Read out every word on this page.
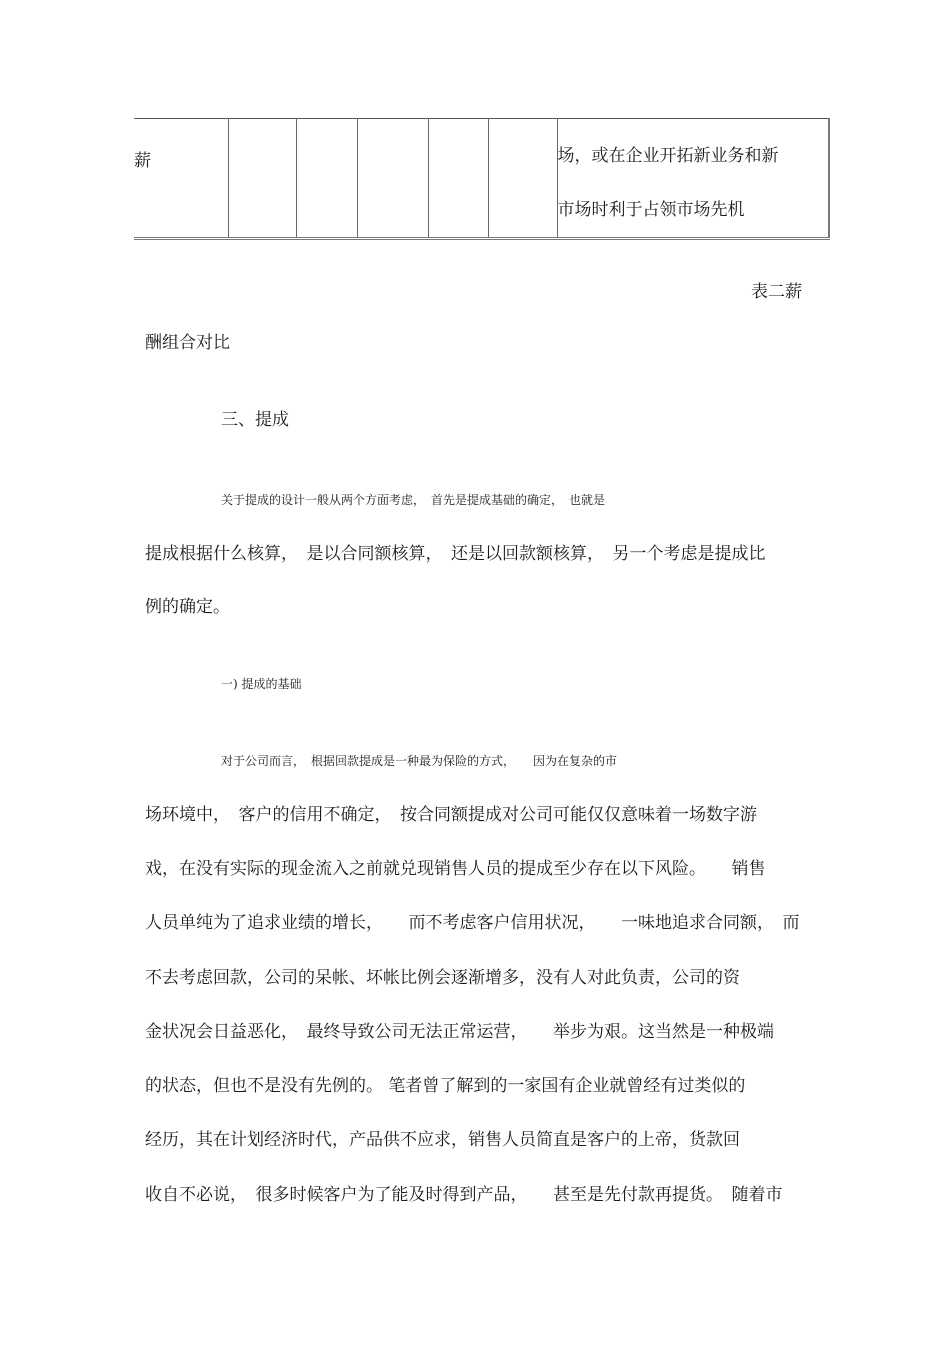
薪						场，或在企业开拓新业务和新
市场时利于占领市场先机
表二薪
酬组合对比
三、提成
关于提成的设计一般从两个方面考虑，　首先是提成基础的确定，　也就是
提成根据什么核算，　是以合同额核算，　还是以回款额核算，　另一个考虑是提成比
例的确定。
一) 提成的基础
对于公司而言，　根据回款提成是一种最为保险的方式，　　因为在复杂的市
场环境中，　客户的信用不确定，　按合同额提成对公司可能仅仅意味着一场数字游
戏，在没有实际的现金流入之前就兑现销售人员的提成至少存在以下风险。　　销售
人员单纯为了追求业绩的增长，　　而不考虑客户信用状况，　　一味地追求合同额，　而
不去考虑回款，公司的呆帐、坏帐比例会逐渐增多，没有人对此负责，公司的资
金状况会日益恶化，　最终导致公司无法正常运营，　　举步为艰。这当然是一种极端
的状态，但也不是没有先例的。 笔者曾了解到的一家国有企业就曾经有过类似的
经历，其在计划经济时代，产品供不应求，销售人员简直是客户的上帝，货款回
收自不必说，　很多时候客户为了能及时得到产品，　　甚至是先付款再提货。　随着市
